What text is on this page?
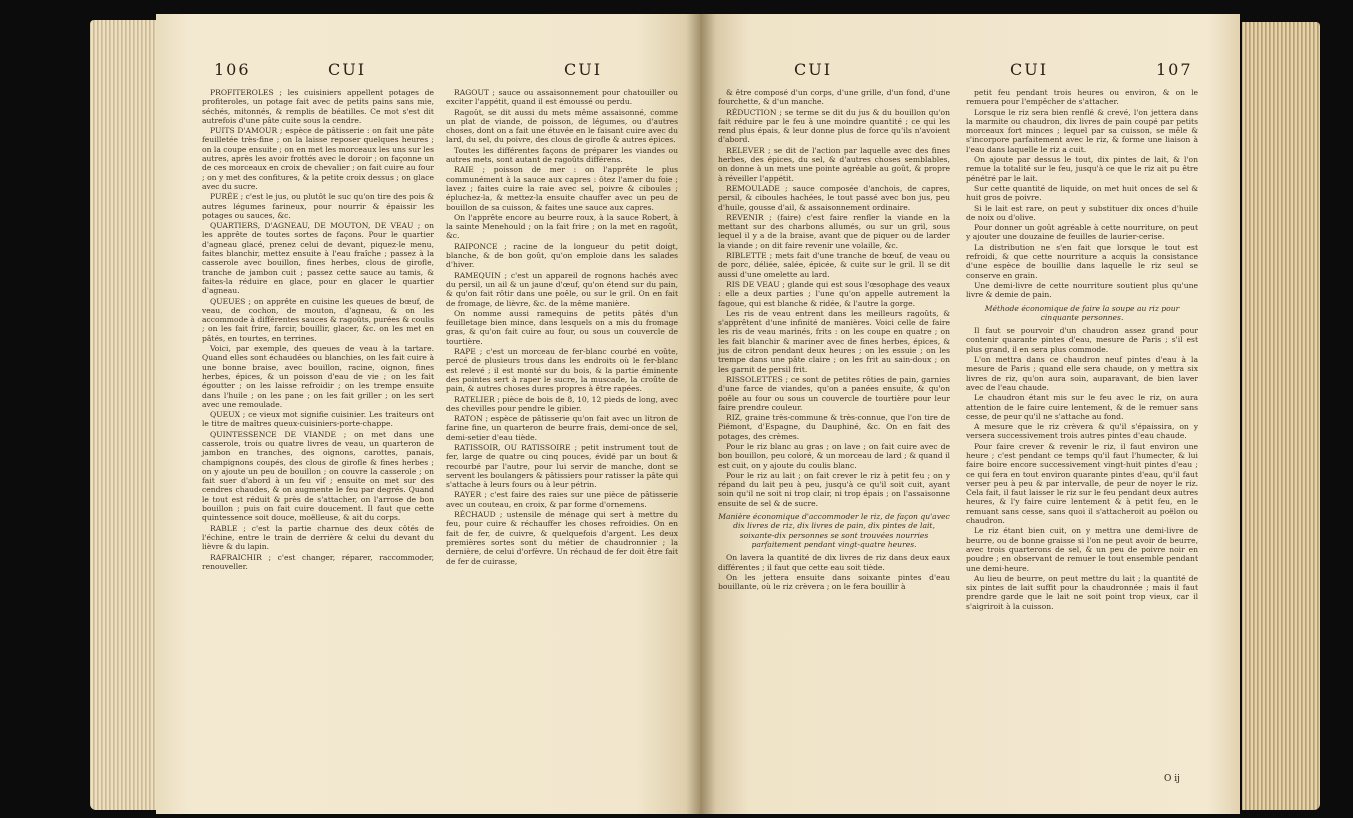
106	CUI	CUI

PROFITEROLES ; les cuisiniers appellent potages de profiteroles, un potage fait avec de petits pains sans mie, séchés, mitonnés, & remplis de béatilles. Ce mot s'est dit autrefois d'une pâte cuite sous la cendre.

PUITS D'AMOUR ; espèce de pâtisserie : on fait une pâte feuilletée très-fine ; on la laisse reposer quelques heures ; on la coupe ensuite ; on en met les morceaux les uns sur les autres, après les avoir frottés avec le doroir ; on façonne un de ces morceaux en croix de chevalier ; on fait cuire au four ; on y met des confitures, & la petite croix dessus ; on glace avec du sucre.

PURÉE ; c'est le jus, ou plutôt le suc qu'on tire des pois & autres légumes farineux, pour nourrir & épaissir les potages ou sauces, &c.

QUARTIERS, D'AGNEAU, DE MOUTON, DE VEAU ; on les apprête de toutes sortes de façons. Pour le quartier d'agneau glacé, prenez celui de devant, piquez-le menu, faites blanchir, mettez ensuite à l'eau fraîche ; passez à la casserole avec bouillon, fines herbes, clous de girofle, tranche de jambon cuit ; passez cette sauce au tamis, & faites-la réduire en glace, pour en glacer le quartier d'agneau.

QUEUES ; on apprête en cuisine les queues de bœuf, de veau, de cochon, de mouton, d'agneau, & on les accommode à différentes sauces & ragoûts, purées & coulis ; on les fait frire, farcir, bouillir, glacer, &c. on les met en pâtés, en tourtes, en terrines.

Voici, par exemple, des queues de veau à la tartare. Quand elles sont échaudées ou blanchies, on les fait cuire à une bonne braise, avec bouillon, racine, oignon, fines herbes, épices, & un poisson d'eau de vie ; on les fait égoutter ; on les laisse refroidir ; on les trempe ensuite dans l'huile ; on les pane ; on les fait griller ; on les sert avec une remoulade.

QUEUX ; ce vieux mot signifie cuisinier. Les traiteurs ont le titre de maîtres queux-cuisiniers-porte-chappe.

QUINTESSENCE DE VIANDE ; on met dans une casserole, trois ou quatre livres de veau, un quarteron de jambon en tranches, des oignons, carottes, panais, champignons coupés, des clous de girofle & fines herbes ; on y ajoute un peu de bouillon ; on couvre la casserole ; on fait suer d'abord à un feu vif ; ensuite on met sur des cendres chaudes, & on augmente le feu par degrés. Quand le tout est réduit & près de s'attacher, on l'arrose de bon bouillon ; puis on fait cuire doucement. Il faut que cette quintessence soit douce, moëlleuse, & ait du corps.

RABLE ; c'est la partie charnue des deux côtés de l'échine, entre le train de derrière & celui du devant du lièvre & du lapin.

RAFRAICHIR ; c'est changer, réparer, raccommoder, renouveller.

RAGOUT ; sauce ou assaisonnement pour chatouiller ou exciter l'appétit, quand il est émoussé ou perdu.

Ragoût, se dit aussi du mets même assaisonné, comme un plat de viande, de poisson, de légumes, ou d'autres choses, dont on a fait une étuvée en le faisant cuire avec du lard, du sel, du poivre, des clous de girofle & autres épices.

Toutes les différentes façons de préparer les viandes ou autres mets, sont autant de ragoûts différens.

RAIE ; poisson de mer : on l'apprête le plus communément à la sauce aux capres : ôtez l'amer du foie ; lavez ; faites cuire la raie avec sel, poivre & ciboules ; épluchez-la, & mettez-la ensuite chauffer avec un peu de bouillon de sa cuisson, & faites une sauce aux capres.

On l'apprête encore au beurre roux, à la sauce Robert, à la sainte Menehould ; on la fait frire ; on la met en ragoût, &c.

RAIPONCE ; racine de la longueur du petit doigt, blanche, & de bon goût, qu'on emploie dans les salades d'hiver.

RAMEQUIN ; c'est un appareil de rognons hachés avec du persil, un ail & un jaune d'œuf, qu'on étend sur du pain, & qu'on fait rôtir dans une poêle, ou sur le gril. On en fait de fromage, de lièvre, &c. de la même manière.

On nomme aussi ramequins de petits pâtés d'un feuilletage bien mince, dans lesquels on a mis du fromage gras, & qu'on fait cuire au four, ou sous un couvercle de tourtière.

RAPE ; c'est un morceau de fer-blanc courbé en voûte, percé de plusieurs trous dans les endroits où le fer-blanc est relevé ; il est monté sur du bois, & la partie éminente des pointes sert à raper le sucre, la muscade, la croûte de pain, & autres choses dures propres à être rapées.

RATELIER ; pièce de bois de 8, 10, 12 pieds de long, avec des chevilles pour pendre le gibier.

RATON ; espèce de pâtisserie qu'on fait avec un litron de farine fine, un quarteron de beurre frais, demi-once de sel, demi-setier d'eau tiède.

RATISSOIR, OU RATISSOIRE ; petit instrument tout de fer, large de quatre ou cinq pouces, évidé par un bout & recourbé par l'autre, pour lui servir de manche, dont se servent les boulangers & pâtissiers pour ratisser la pâte qui s'attache à leurs fours ou à leur pétrin.

RAYER ; c'est faire des raies sur une pièce de pâtisserie avec un couteau, en croix, & par forme d'ornemens.

RÉCHAUD ; ustensile de ménage qui sert à mettre du feu, pour cuire & réchauffer les choses refroidies. On en fait de fer, de cuivre, & quelquefois d'argent. Les deux premières sortes sont du métier de chaudronnier ; la dernière, de celui d'orfèvre. Un réchaud de fer doit être fait de fer de cuirasse,

CUI	CUI	107

& être composé d'un corps, d'une grille, d'un fond, d'une fourchette, & d'un manche.

RÉDUCTION ; se terme se dit du jus & du bouillon qu'on fait réduire par le feu à une moindre quantité ; ce qui les rend plus épais, & leur donne plus de force qu'ils n'avoient d'abord.

RELEVER ; se dit de l'action par laquelle avec des fines herbes, des épices, du sel, & d'autres choses semblables, on donne à un mets une pointe agréable au goût, & propre à réveiller l'appétit.

REMOULADE ; sauce composée d'anchois, de capres, persil, & ciboules hachées, le tout passé avec bon jus, peu d'huile, gousse d'ail, & assaisonnement ordinaire.

REVENIR ; (faire) c'est faire renfler la viande en la mettant sur des charbons allumés, ou sur un gril, sous lequel il y a de la braise, avant que de piquer ou de larder la viande ; on dit faire revenir une volaille, &c.

RIBLETTE ; mets fait d'une tranche de bœuf, de veau ou de porc, déliée, salée, épicée, & cuite sur le gril. Il se dit aussi d'une omelette au lard.

RIS DE VEAU ; glande qui est sous l'œsophage des veaux : elle a deux parties ; l'une qu'on appelle autrement la fagoue, qui est blanche & ridée, & l'autre la gorge.

Les ris de veau entrent dans les meilleurs ragoûts, & s'apprêtent d'une infinité de manières. Voici celle de faire les ris de veau marinés, frits : on les coupe en quatre ; on les fait blanchir & mariner avec de fines herbes, épices, & jus de citron pendant deux heures ; on les essuie ; on les trempe dans une pâte claire ; on les frit au sain-doux ; on les garnit de persil frit.

RISSOLETTES ; ce sont de petites rôties de pain, garnies d'une farce de viandes, qu'on a panées ensuite, & qu'on poêle au four ou sous un couvercle de tourtière pour leur faire prendre couleur.

RIZ, graine très-commune & très-connue, que l'on tire de Piémont, d'Espagne, du Dauphiné, &c. On en fait des potages, des crèmes.

Pour le riz blanc au gras ; on lave ; on fait cuire avec de bon bouillon, peu coloré, & un morceau de lard ; & quand il est cuit, on y ajoute du coulis blanc.

Pour le riz au lait ; on fait crever le riz à petit feu ; on y répand du lait peu à peu, jusqu'à ce qu'il soit cuit, ayant soin qu'il ne soit ni trop clair, ni trop épais ; on l'assaisonne ensuite de sel & de sucre.

Manière économique d'accommoder le riz, de façon qu'avec dix livres de riz, dix livres de pain, dix pintes de lait, soixante-dix personnes se sont trouvées nourries parfaitement pendant vingt-quatre heures.

On lavera la quantité de dix livres de riz dans deux eaux différentes ; il faut que cette eau soit tiède.

On les jettera ensuite dans soixante pintes d'eau bouillante, où le riz crèvera ; on le fera bouillir à

petit feu pendant trois heures ou environ, & on le remuera pour l'empêcher de s'attacher.

Lorsque le riz sera bien renflé & crevé, l'on jettera dans la marmite ou chaudron, dix livres de pain coupé par petits morceaux fort minces ; lequel par sa cuisson, se mêle & s'incorpore parfaitement avec le riz, & forme une liaison à l'eau dans laquelle le riz a cuit.

On ajoute par dessus le tout, dix pintes de lait, & l'on remue la totalité sur le feu, jusqu'à ce que le riz ait pu être pénétré par le lait.

Sur cette quantité de liquide, on met huit onces de sel & huit gros de poivre.

Si le lait est rare, on peut y substituer dix onces d'huile de noix ou d'olive.

Pour donner un goût agréable à cette nourriture, on peut y ajouter une douzaine de feuilles de laurier-cerise.

La distribution ne s'en fait que lorsque le tout est refroidi, & que cette nourriture a acquis la consistance d'une espèce de bouillie dans laquelle le riz seul se conserve en grain.

Une demi-livre de cette nourriture soutient plus qu'une livre & demie de pain.

Méthode économique de faire la soupe au riz pour cinquante personnes.

Il faut se pourvoir d'un chaudron assez grand pour contenir quarante pintes d'eau, mesure de Paris ; s'il est plus grand, il en sera plus commode.

L'on mettra dans ce chaudron neuf pintes d'eau à la mesure de Paris ; quand elle sera chaude, on y mettra six livres de riz, qu'on aura soin, auparavant, de bien laver avec de l'eau chaude.

Le chaudron étant mis sur le feu avec le riz, on aura attention de le faire cuire lentement, & de le remuer sans cesse, de peur qu'il ne s'attache au fond.

A mesure que le riz crèvera & qu'il s'épaissira, on y versera successivement trois autres pintes d'eau chaude.

Pour faire crever & revenir le riz, il faut environ une heure ; c'est pendant ce temps qu'il faut l'humecter, & lui faire boire encore successivement vingt-huit pintes d'eau ; ce qui fera en tout environ quarante pintes d'eau, qu'il faut verser peu à peu & par intervalle, de peur de noyer le riz. Cela fait, il faut laisser le riz sur le feu pendant deux autres heures, & l'y faire cuire lentement & à petit feu, en le remuant sans cesse, sans quoi il s'attacheroit au poëlon ou chaudron.

Le riz étant bien cuit, on y mettra une demi-livre de beurre, ou de bonne graisse si l'on ne peut avoir de beurre, avec trois quarterons de sel, & un peu de poivre noir en poudre ; en observant de remuer le tout ensemble pendant une demi-heure.

Au lieu de beurre, on peut mettre du lait ; la quantité de six pintes de lait suffit pour la chaudronnée ; mais il faut prendre garde que le lait ne soit point trop vieux, car il s'aigriroit à la cuisson.

O ij
